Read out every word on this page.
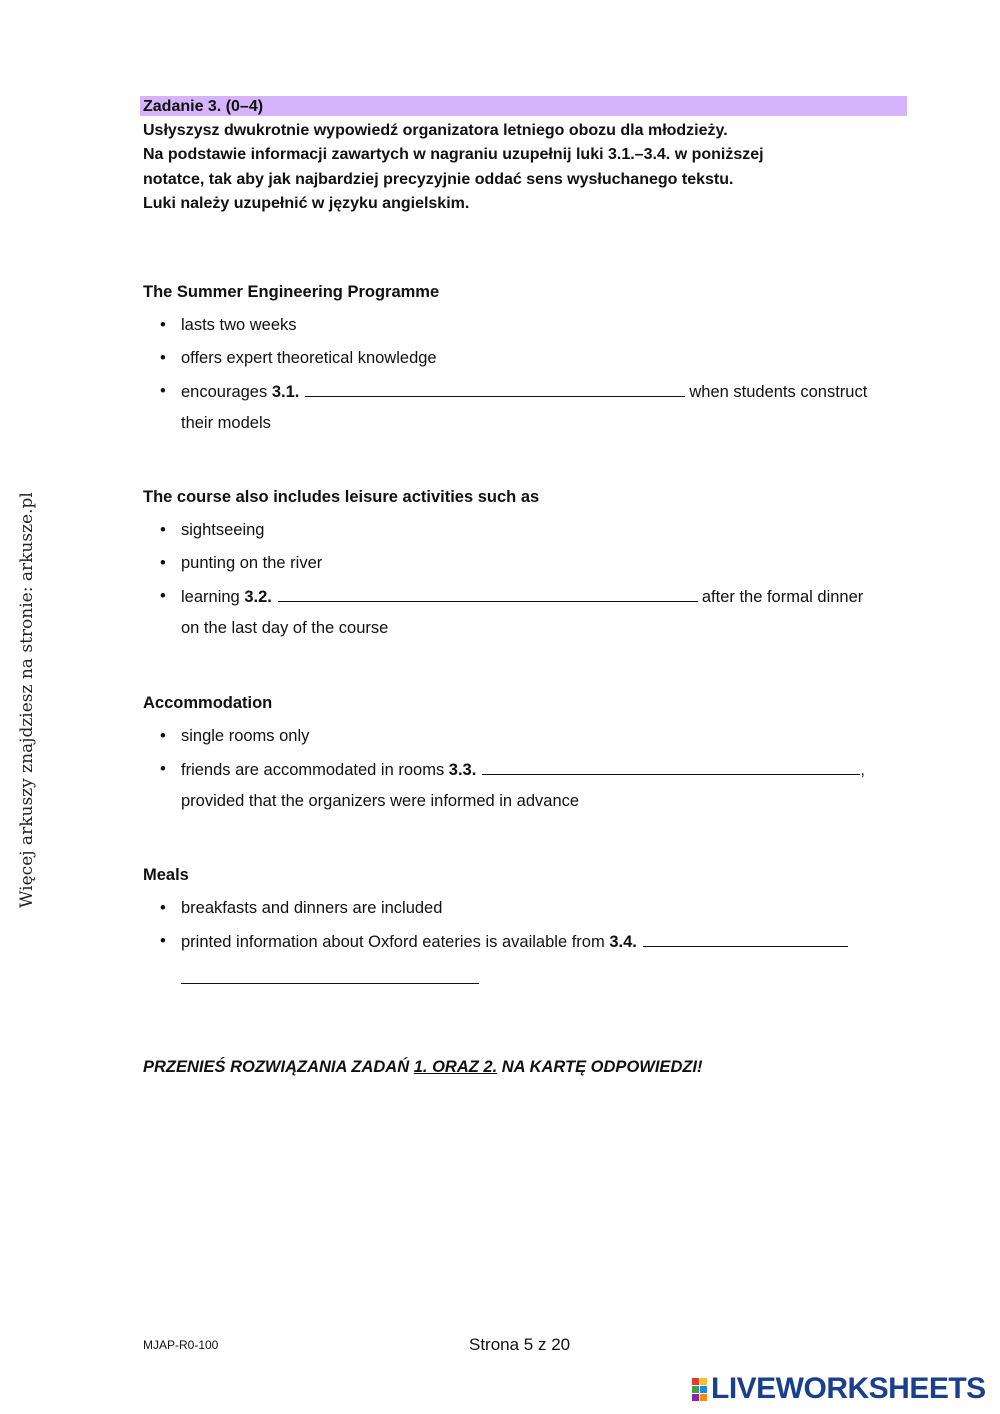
Więcej arkuszy znajdziesz na stronie: arkusze.pl
Zadanie 3. (0–4)
Usłyszysz dwukrotnie wypowiedź organizatora letniego obozu dla młodzieży.
Na podstawie informacji zawartych w nagraniu uzupełnij luki 3.1.–3.4. w poniższej
notatce, tak aby jak najbardziej precyzyjnie oddać sens wysłuchanego tekstu.
Luki należy uzupełnić w języku angielskim.
The Summer Engineering Programme
• lasts two weeks
• offers expert theoretical knowledge
• encourages 3.1.	when students construct
their models
The course also includes leisure activities such as
• sightseeing
• punting on the river
• learning 3.2.	after the formal dinner
on the last day of the course
Accommodation
• single rooms only
• friends are accommodated in rooms 3.3.	,
provided that the organizers were informed in advance
Meals
• breakfasts and dinners are included
• printed information about Oxford eateries is available from 3.4.
PRZENIEŚ ROZWIĄZANIA ZADAŃ 1. ORAZ 2. NA KARTĘ ODPOWIEDZI!
MJAP-R0-100	Strona 5 z 20
LIVEWORKSHEETS
